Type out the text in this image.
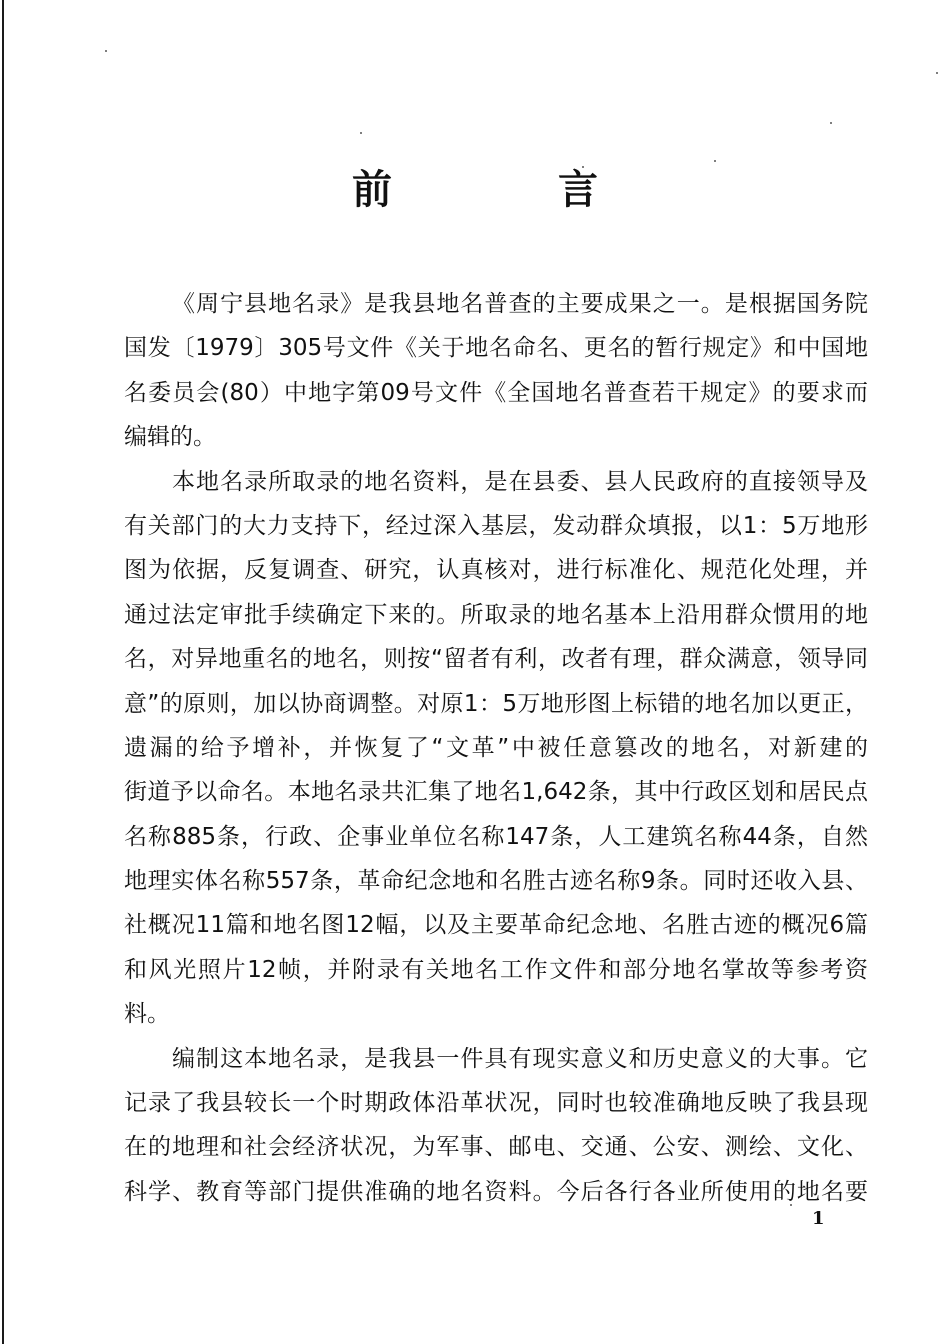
前 言
《周宁县地名录》是我县地名普查的主要成果之一。是根据国务院
国发〔1979〕305号文件《关于地名命名、更名的暂行规定》和中国地
名委员会(80）中地字第09号文件《全国地名普查若干规定》的要求而
编辑的。
本地名录所取录的地名资料，是在县委、县人民政府的直接领导及
有关部门的大力支持下，经过深入基层，发动群众填报，以1：5万地形
图为依据，反复调查、研究，认真核对，进行标准化、规范化处理，并
通过法定审批手续确定下来的。所取录的地名基本上沿用群众惯用的地
名，对异地重名的地名，则按“留者有利，改者有理，群众满意，领导同
意”的原则，加以协商调整。对原1：5万地形图上标错的地名加以更正，
遗漏的给予增补，并恢复了“文革”中被任意篡改的地名，对新建的
街道予以命名。本地名录共汇集了地名1,642条，其中行政区划和居民点
名称885条，行政、企事业单位名称147条，人工建筑名称44条，自然
地理实体名称557条，革命纪念地和名胜古迹名称9条。同时还收入县、
社概况11篇和地名图12幅，以及主要革命纪念地、名胜古迹的概况6篇
和风光照片12帧，并附录有关地名工作文件和部分地名掌故等参考资
料。
编制这本地名录，是我县一件具有现实意义和历史意义的大事。它
记录了我县较长一个时期政体沿革状况，同时也较准确地反映了我县现
在的地理和社会经济状况，为军事、邮电、交通、公安、测绘、文化、
科学、教育等部门提供准确的地名资料。今后各行各业所使用的地名要
1
